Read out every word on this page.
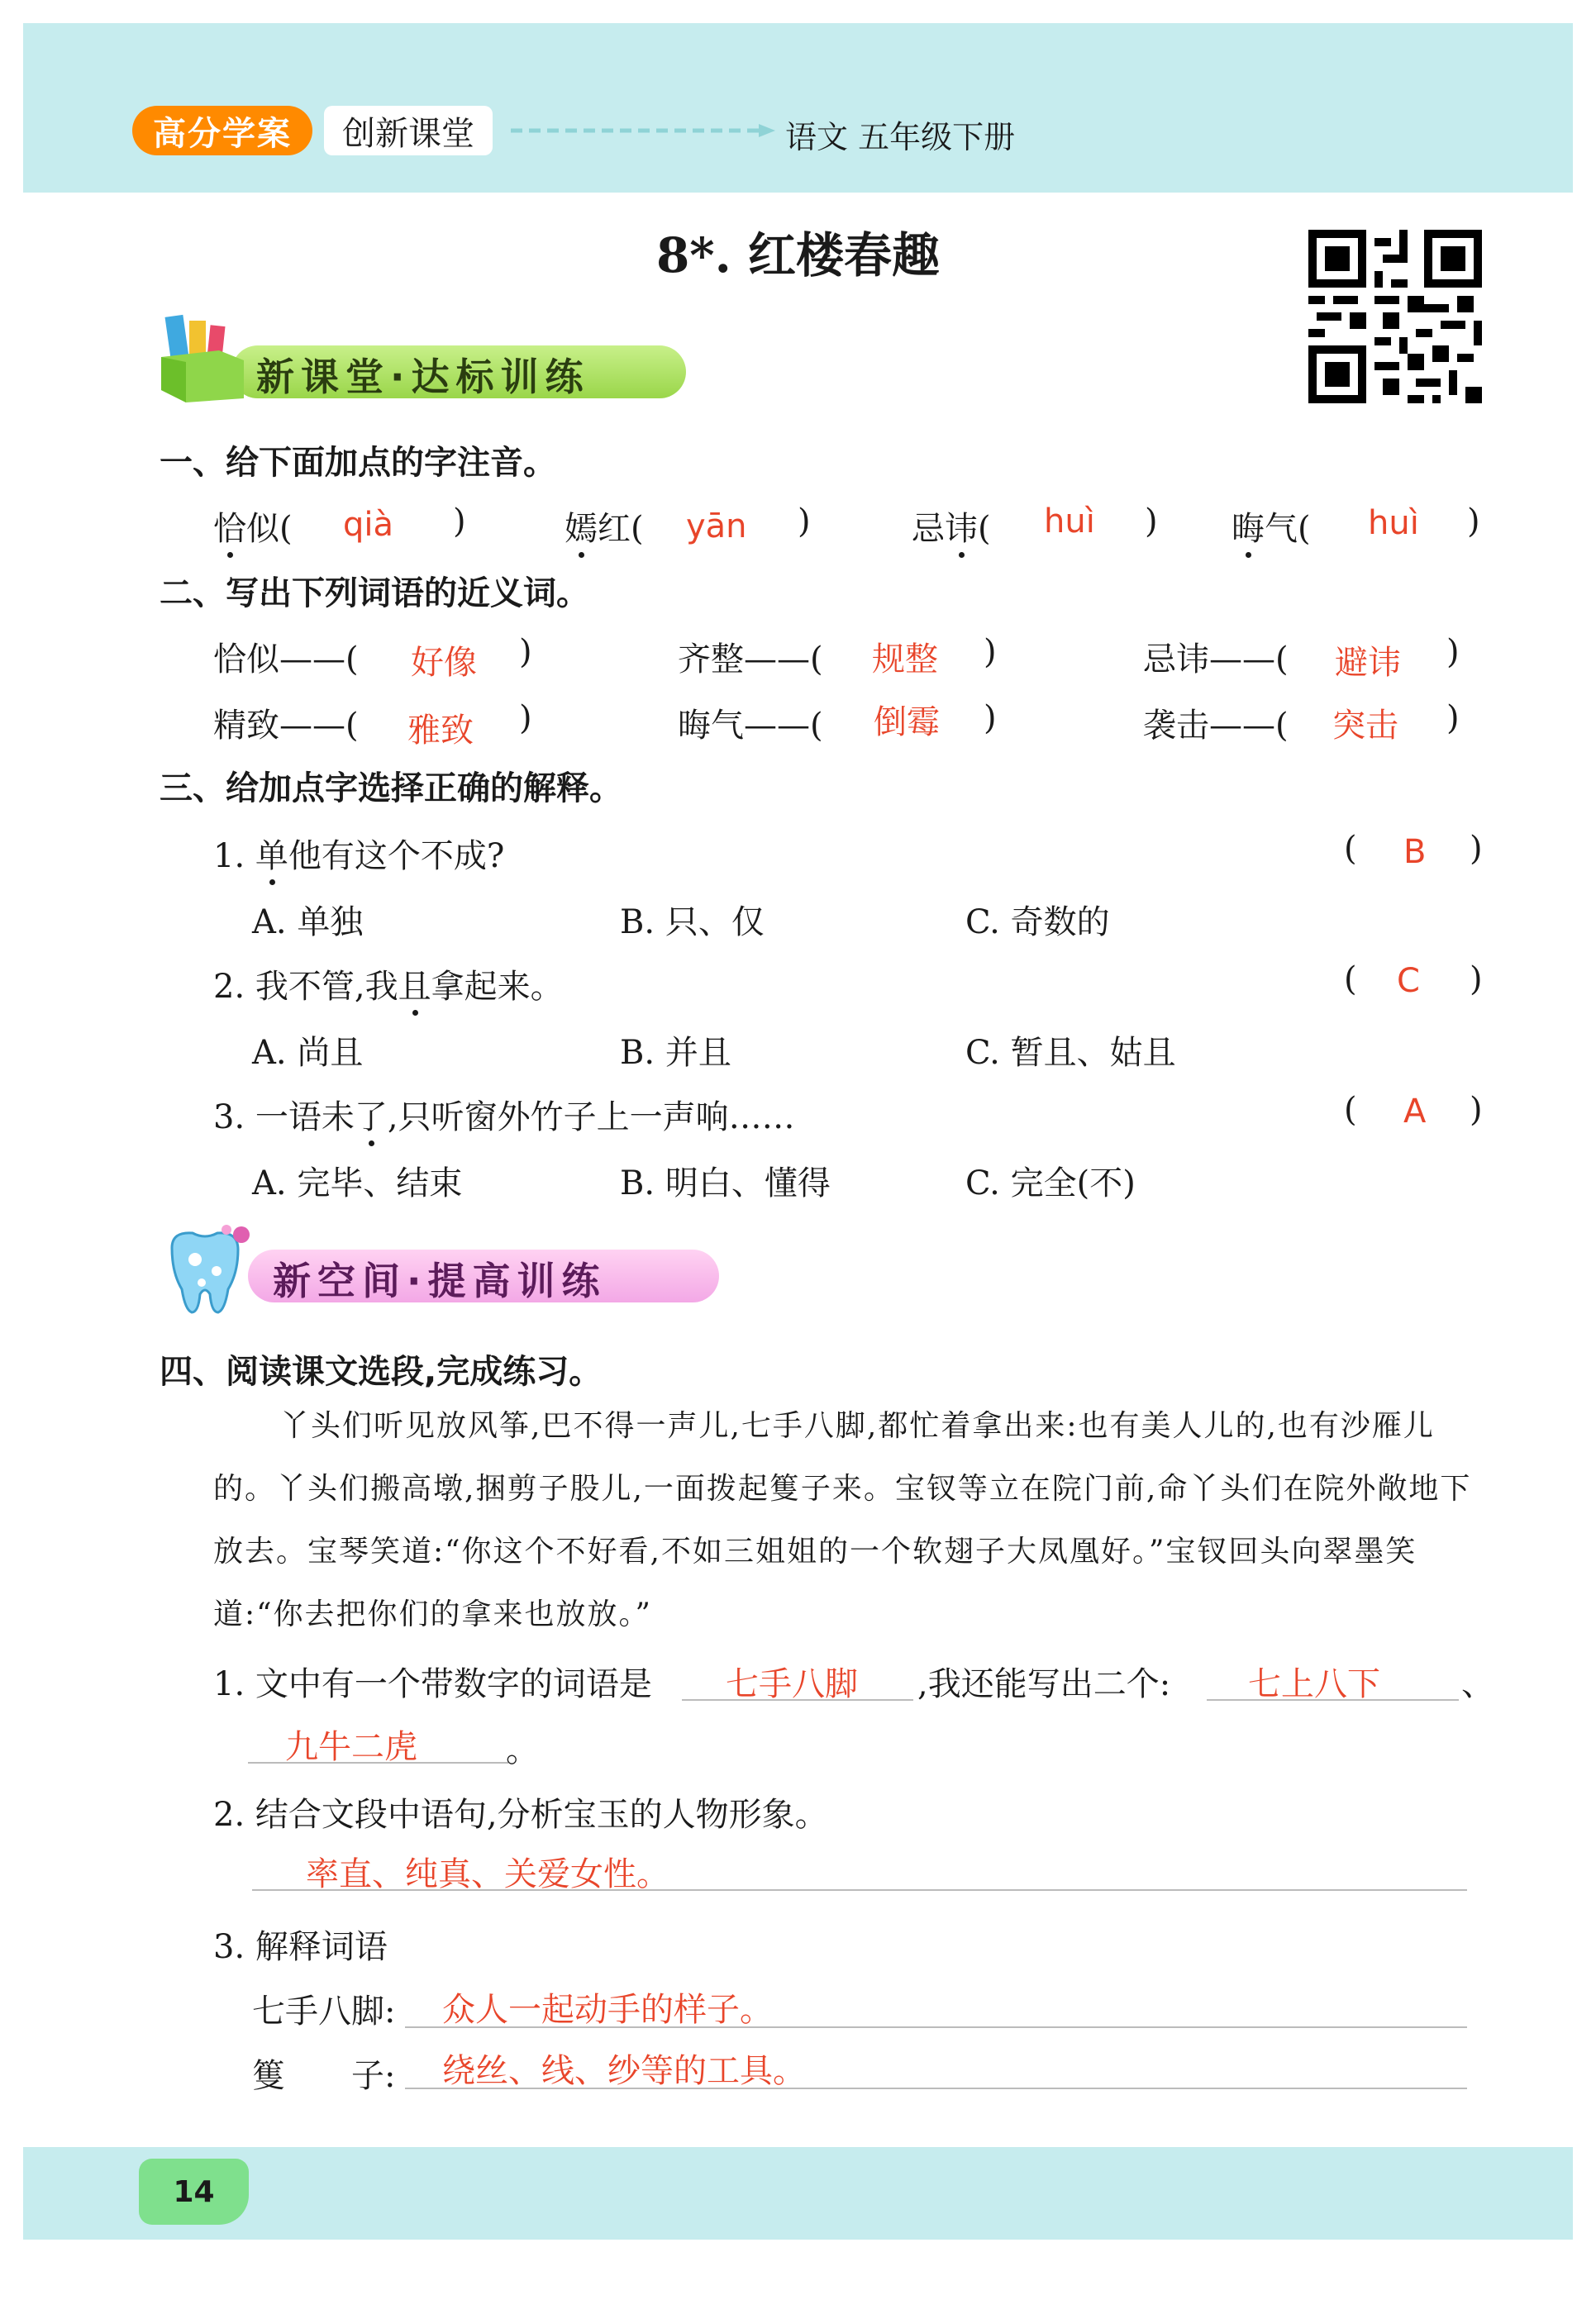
高分学案	创新课堂	语文 五年级下册
8*. 红楼春趣
新课堂·达标训练
一、给下面加点的字注音。
恰似( qià )	嫣红( yān )	忌讳( huì ) 晦气( huì )
二、写出下列词语的近义词。
恰似——( 好像 )	齐整——( 规整 )	忌讳——( 避讳 )
精致——( 雅致 )	晦气——( 倒霉 )	袭击——( 突击 )
三、给加点字选择正确的解释。
1. 单他有这个不成?	( B )
A. 单独	B. 只、仅	C. 奇数的
2. 我不管,我且拿起来。	( C )
A. 尚且	B. 并且	C. 暂且、姑且
3. 一语未了,只听窗外竹子上一声响……	( A )
A. 完毕、结束	B. 明白、懂得	C. 完全(不)
新空间·提高训练
四、阅读课文选段,完成练习。
丫头们听见放风筝,巴不得一声儿,七手八脚,都忙着拿出来:也有美人儿的,也有沙雁儿的。丫头们搬高墩,捆剪子股儿,一面拨起篗子来。宝钗等立在院门前,命丫头们在院外敞地下放去。宝琴笑道:“你这个不好看,不如三姐姐的一个软翅子大凤凰好。”宝钗回头向翠墨笑道:“你去把你们的拿来也放放。”
1. 文中有一个带数字的词语是 七手八脚 ,我还能写出二个: 七上八下 、
九牛二虎	。
2. 结合文段中语句,分析宝玉的人物形象。
率直、纯真、关爱女性。
3. 解释词语
七手八脚: 众人一起动手的样子。
篗　　子: 绕丝、线、纱等的工具。
14
